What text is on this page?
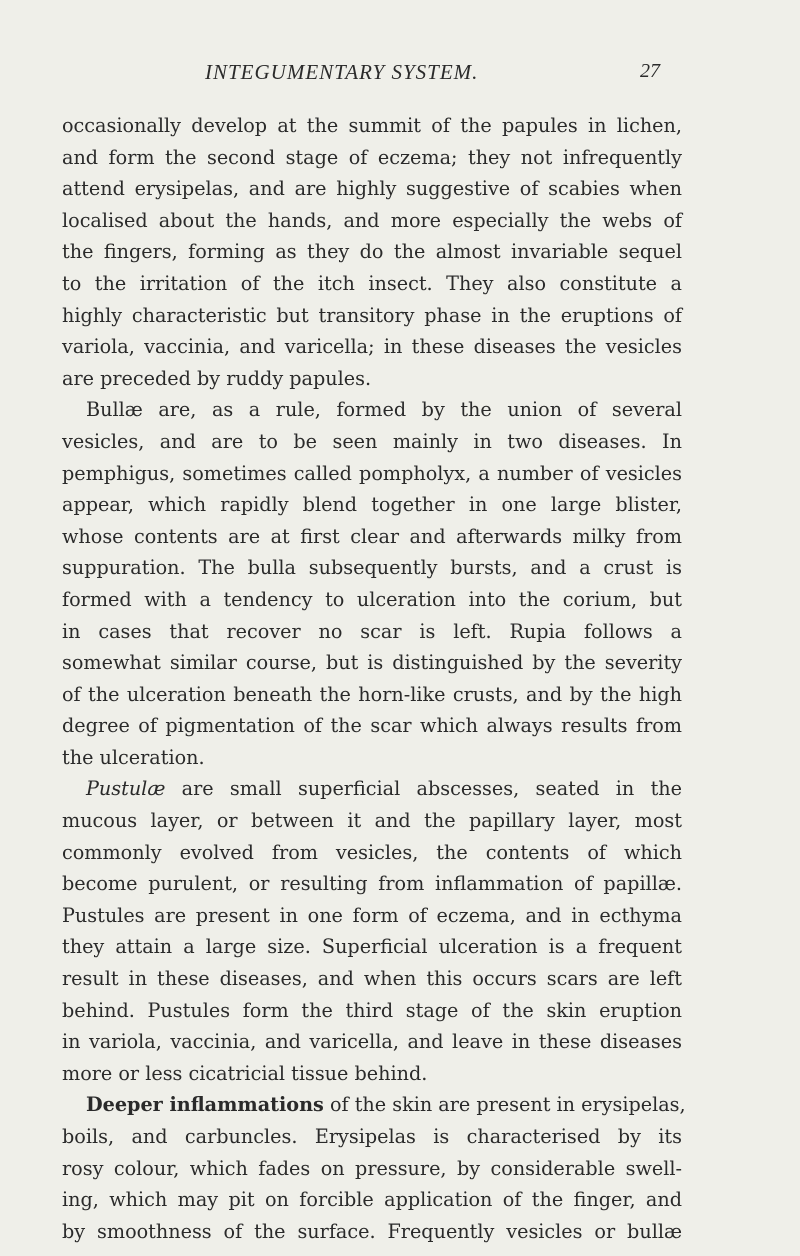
INTEGUMENTARY SYSTEM.	27
occasionally develop at the summit of the papules in lichen,
and form the second stage of eczema; they not infrequently
attend erysipelas, and are highly suggestive of scabies when
localised about the hands, and more especially the webs of
the fingers, forming as they do the almost invariable sequel
to the irritation of the itch insect. They also constitute a
highly characteristic but transitory phase in the eruptions of
variola, vaccinia, and varicella; in these diseases the vesicles
are preceded by ruddy papules.
Bullæ are, as a rule, formed by the union of several
vesicles, and are to be seen mainly in two diseases. In
pemphigus, sometimes called pompholyx, a number of vesicles
appear, which rapidly blend together in one large blister,
whose contents are at first clear and afterwards milky from
suppuration. The bulla subsequently bursts, and a crust is
formed with a tendency to ulceration into the corium, but
in cases that recover no scar is left. Rupia follows a
somewhat similar course, but is distinguished by the severity
of the ulceration beneath the horn-like crusts, and by the high
degree of pigmentation of the scar which always results from
the ulceration.
Pustulæ are small superficial abscesses, seated in the
mucous layer, or between it and the papillary layer, most
commonly evolved from vesicles, the contents of which
become purulent, or resulting from inflammation of papillæ.
Pustules are present in one form of eczema, and in ecthyma
they attain a large size. Superficial ulceration is a frequent
result in these diseases, and when this occurs scars are left
behind. Pustules form the third stage of the skin eruption
in variola, vaccinia, and varicella, and leave in these diseases
more or less cicatricial tissue behind.
Deeper inflammations of the skin are present in erysipelas,
boils, and carbuncles. Erysipelas is characterised by its
rosy colour, which fades on pressure, by considerable swell-
ing, which may pit on forcible application of the finger, and
by smoothness of the surface. Frequently vesicles or bullæ
